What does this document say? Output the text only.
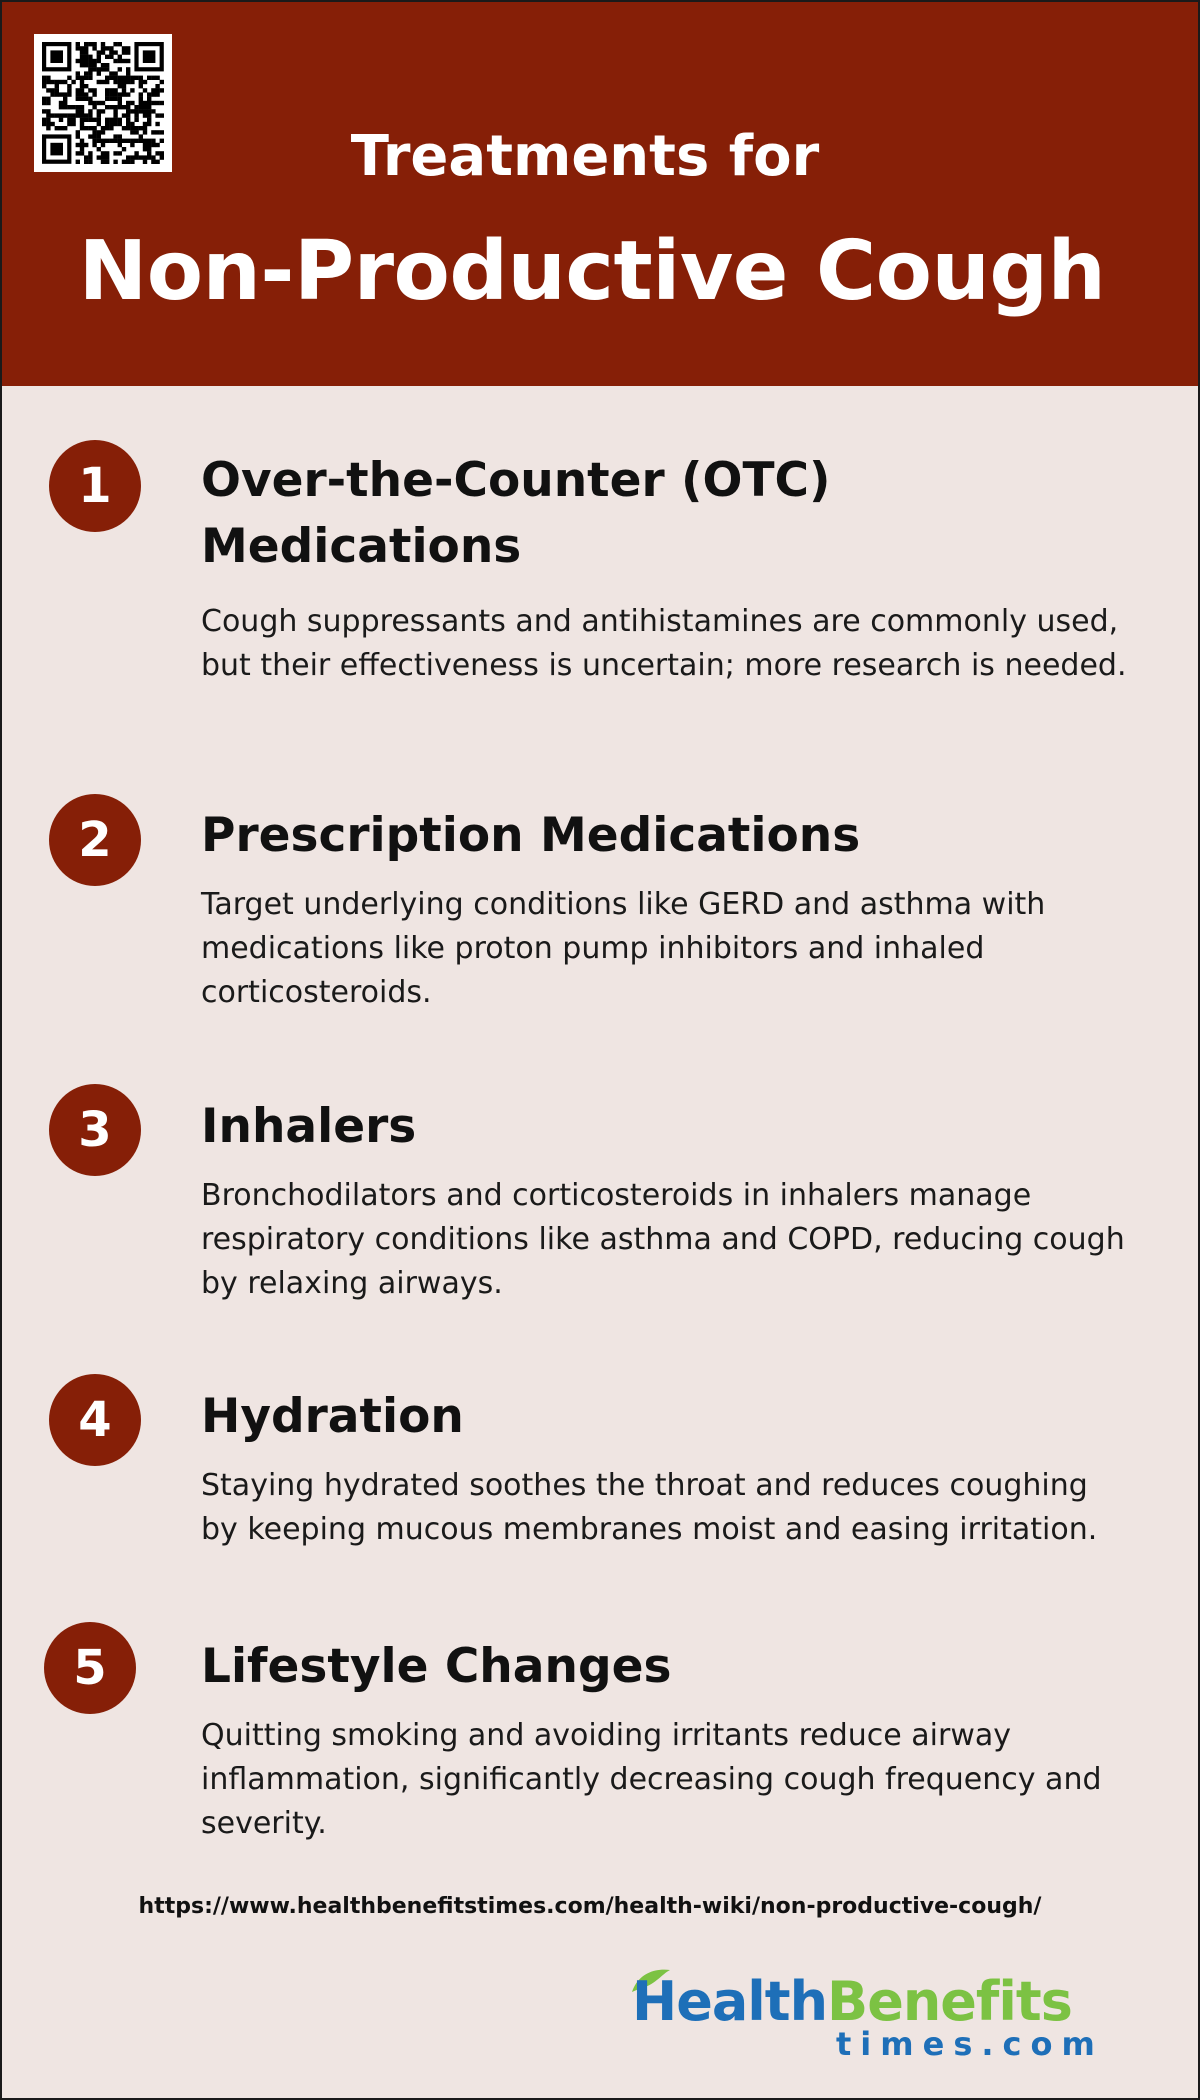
Treatments for
Non-Productive Cough
1	Over-the-Counter (OTC) Medications

Cough suppressants and antihistamines are commonly used, but their effectiveness is uncertain; more research is needed.

2	Prescription Medications

Target underlying conditions like GERD and asthma with medications like proton pump inhibitors and inhaled corticosteroids.

3	Inhalers

Bronchodilators and corticosteroids in inhalers manage respiratory conditions like asthma and COPD, reducing cough by relaxing airways.

4	Hydration

Staying hydrated soothes the throat and reduces coughing by keeping mucous membranes moist and easing irritation.

5	Lifestyle Changes

Quitting smoking and avoiding irritants reduce airway inflammation, significantly decreasing cough frequency and severity.

https://www.healthbenefitstimes.com/health-wiki/non-productive-cough/
HealthBenefits
times.com
